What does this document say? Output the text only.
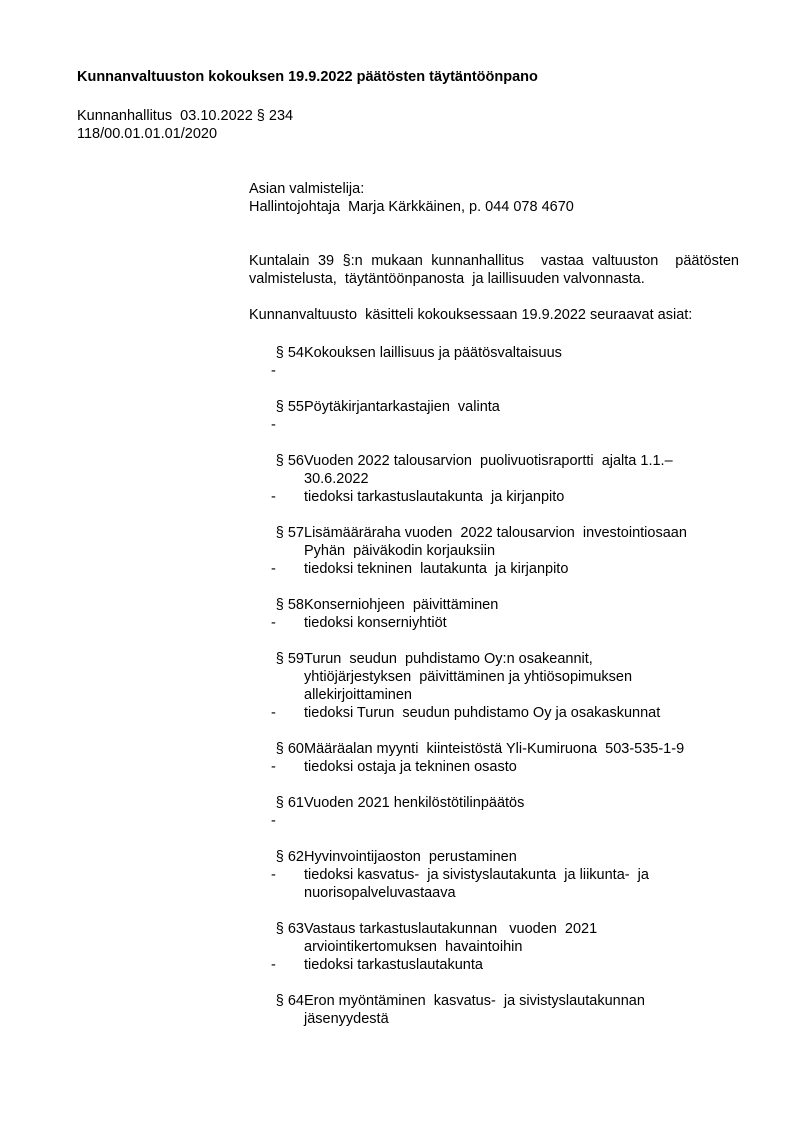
Kunnanvaltuuston kokouksen 19.9.2022 päätösten täytäntöönpano
Kunnanhallitus  03.10.2022 § 234
118/00.01.01.01/2020
Asian valmistelija:
Hallintojohtaja  Marja Kärkkäinen, p. 044 078 4670

Kuntalain 39 §:n mukaan kunnanhallitus  vastaa valtuuston  päätösten valmistelusta,  täytäntöönpanosta  ja laillisuuden valvonnasta.

Kunnanvaltuusto  käsitteli kokouksessaan 19.9.2022 seuraavat asiat:

§ 54 Kokouksen laillisuus ja päätösvaltaisuus
-
§ 55 Pöytäkirjantarkastajien  valinta
-
§ 56 Vuoden 2022 talousarvion  puolivuotisraportti  ajalta 1.1.–
30.6.2022
-	tiedoksi tarkastuslautakunta  ja kirjanpito
§ 57 Lisämääräraha vuoden  2022 talousarvion  investointiosaan
Pyhän  päiväkodin korjauksiin
-	tiedoksi tekninen  lautakunta  ja kirjanpito
§ 58 Konserniohjeen  päivittäminen
-	tiedoksi konserniyhtiöt
§ 59 Turun  seudun  puhdistamo Oy:n osakeannit,
yhtiöjärjestyksen  päivittäminen ja yhtiösopimuksen
allekirjoittaminen
-	tiedoksi Turun  seudun puhdistamo Oy ja osakaskunnat
§ 60 Määräalan myynti  kiinteistöstä Yli-Kumiruona  503-535-1-9
-	tiedoksi ostaja ja tekninen osasto
§ 61 Vuoden 2021 henkilöstötilinpäätös
-
§ 62 Hyvinvointijaoston  perustaminen
-	tiedoksi kasvatus-  ja sivistyslautakunta  ja liikunta-  ja
nuorisopalveluvastaava
§ 63 Vastaus tarkastuslautakunnan   vuoden  2021
arviointikertomuksen  havaintoihin
-	tiedoksi tarkastuslautakunta
§ 64 Eron myöntäminen  kasvatus-  ja sivistyslautakunnan
jäsenyydestä
